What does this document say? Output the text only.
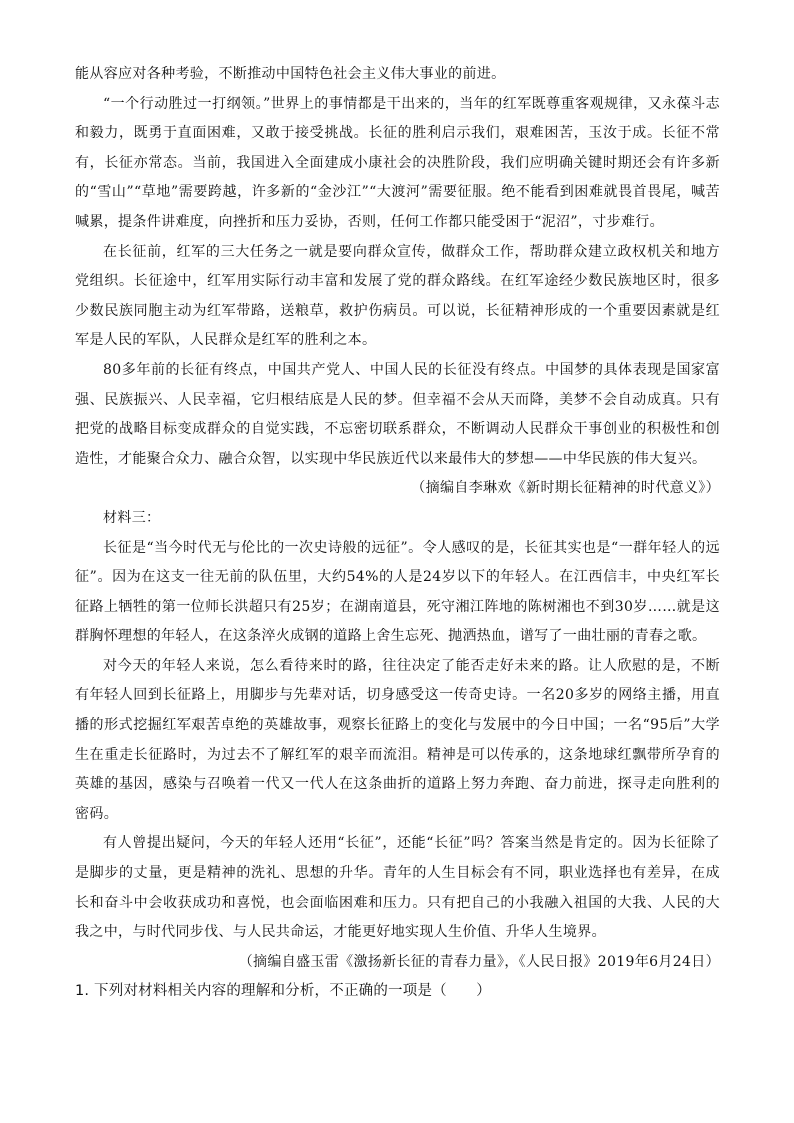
能从容应对各种考验，不断推动中国特色社会主义伟大事业的前进。

“一个行动胜过一打纲领。”世界上的事情都是干出来的，当年的红军既尊重客观规律，又永葆斗志和毅力，既勇于直面困难，又敢于接受挑战。长征的胜利启示我们，艰难困苦，玉汝于成。长征不常有，长征亦常态。当前，我国进入全面建成小康社会的决胜阶段，我们应明确关键时期还会有许多新的“雪山”“草地”需要跨越，许多新的“金沙江”“大渡河”需要征服。绝不能看到困难就畏首畏尾，喊苦喊累，提条件讲难度，向挫折和压力妥协，否则，任何工作都只能受困于“泥沼”，寸步难行。

在长征前，红军的三大任务之一就是要向群众宣传，做群众工作，帮助群众建立政权机关和地方党组织。长征途中，红军用实际行动丰富和发展了党的群众路线。在红军途经少数民族地区时，很多少数民族同胞主动为红军带路，送粮草，救护伤病员。可以说，长征精神形成的一个重要因素就是红军是人民的军队，人民群众是红军的胜利之本。

80多年前的长征有终点，中国共产党人、中国人民的长征没有终点。中国梦的具体表现是国家富强、民族振兴、人民幸福，它归根结底是人民的梦。但幸福不会从天而降，美梦不会自动成真。只有把党的战略目标变成群众的自觉实践，不忘密切联系群众，不断调动人民群众干事创业的积极性和创造性，才能聚合众力、融合众智，以实现中华民族近代以来最伟大的梦想——中华民族的伟大复兴。

（摘编自李琳欢《新时期长征精神的时代意义》）

材料三：

长征是“当今时代无与伦比的一次史诗般的远征”。令人感叹的是，长征其实也是“一群年轻人的远征”。因为在这支一往无前的队伍里，大约54%的人是24岁以下的年轻人。在江西信丰，中央红军长征路上牺牲的第一位师长洪超只有25岁；在湖南道县，死守湘江阵地的陈树湘也不到30岁……就是这群胸怀理想的年轻人，在这条淬火成钢的道路上舍生忘死、抛洒热血，谱写了一曲壮丽的青春之歌。

对今天的年轻人来说，怎么看待来时的路，往往决定了能否走好未来的路。让人欣慰的是，不断有年轻人回到长征路上，用脚步与先辈对话，切身感受这一传奇史诗。一名20多岁的网络主播，用直播的形式挖掘红军艰苦卓绝的英雄故事，观察长征路上的变化与发展中的今日中国；一名“95后”大学生在重走长征路时，为过去不了解红军的艰辛而流泪。精神是可以传承的，这条地球红飘带所孕育的英雄的基因，感染与召唤着一代又一代人在这条曲折的道路上努力奔跑、奋力前进，探寻走向胜利的密码。

有人曾提出疑问，今天的年轻人还用“长征”，还能“长征”吗？答案当然是肯定的。因为长征除了是脚步的丈量，更是精神的洗礼、思想的升华。青年的人生目标会有不同，职业选择也有差异，在成长和奋斗中会收获成功和喜悦，也会面临困难和压力。只有把自己的小我融入祖国的大我、人民的大我之中，与时代同步伐、与人民共命运，才能更好地实现人生价值、升华人生境界。

（摘编自盛玉雷《激扬新长征的青春力量》，《人民日报》2019年6月24日）

1. 下列对材料相关内容的理解和分析，不正确的一项是（　　）
